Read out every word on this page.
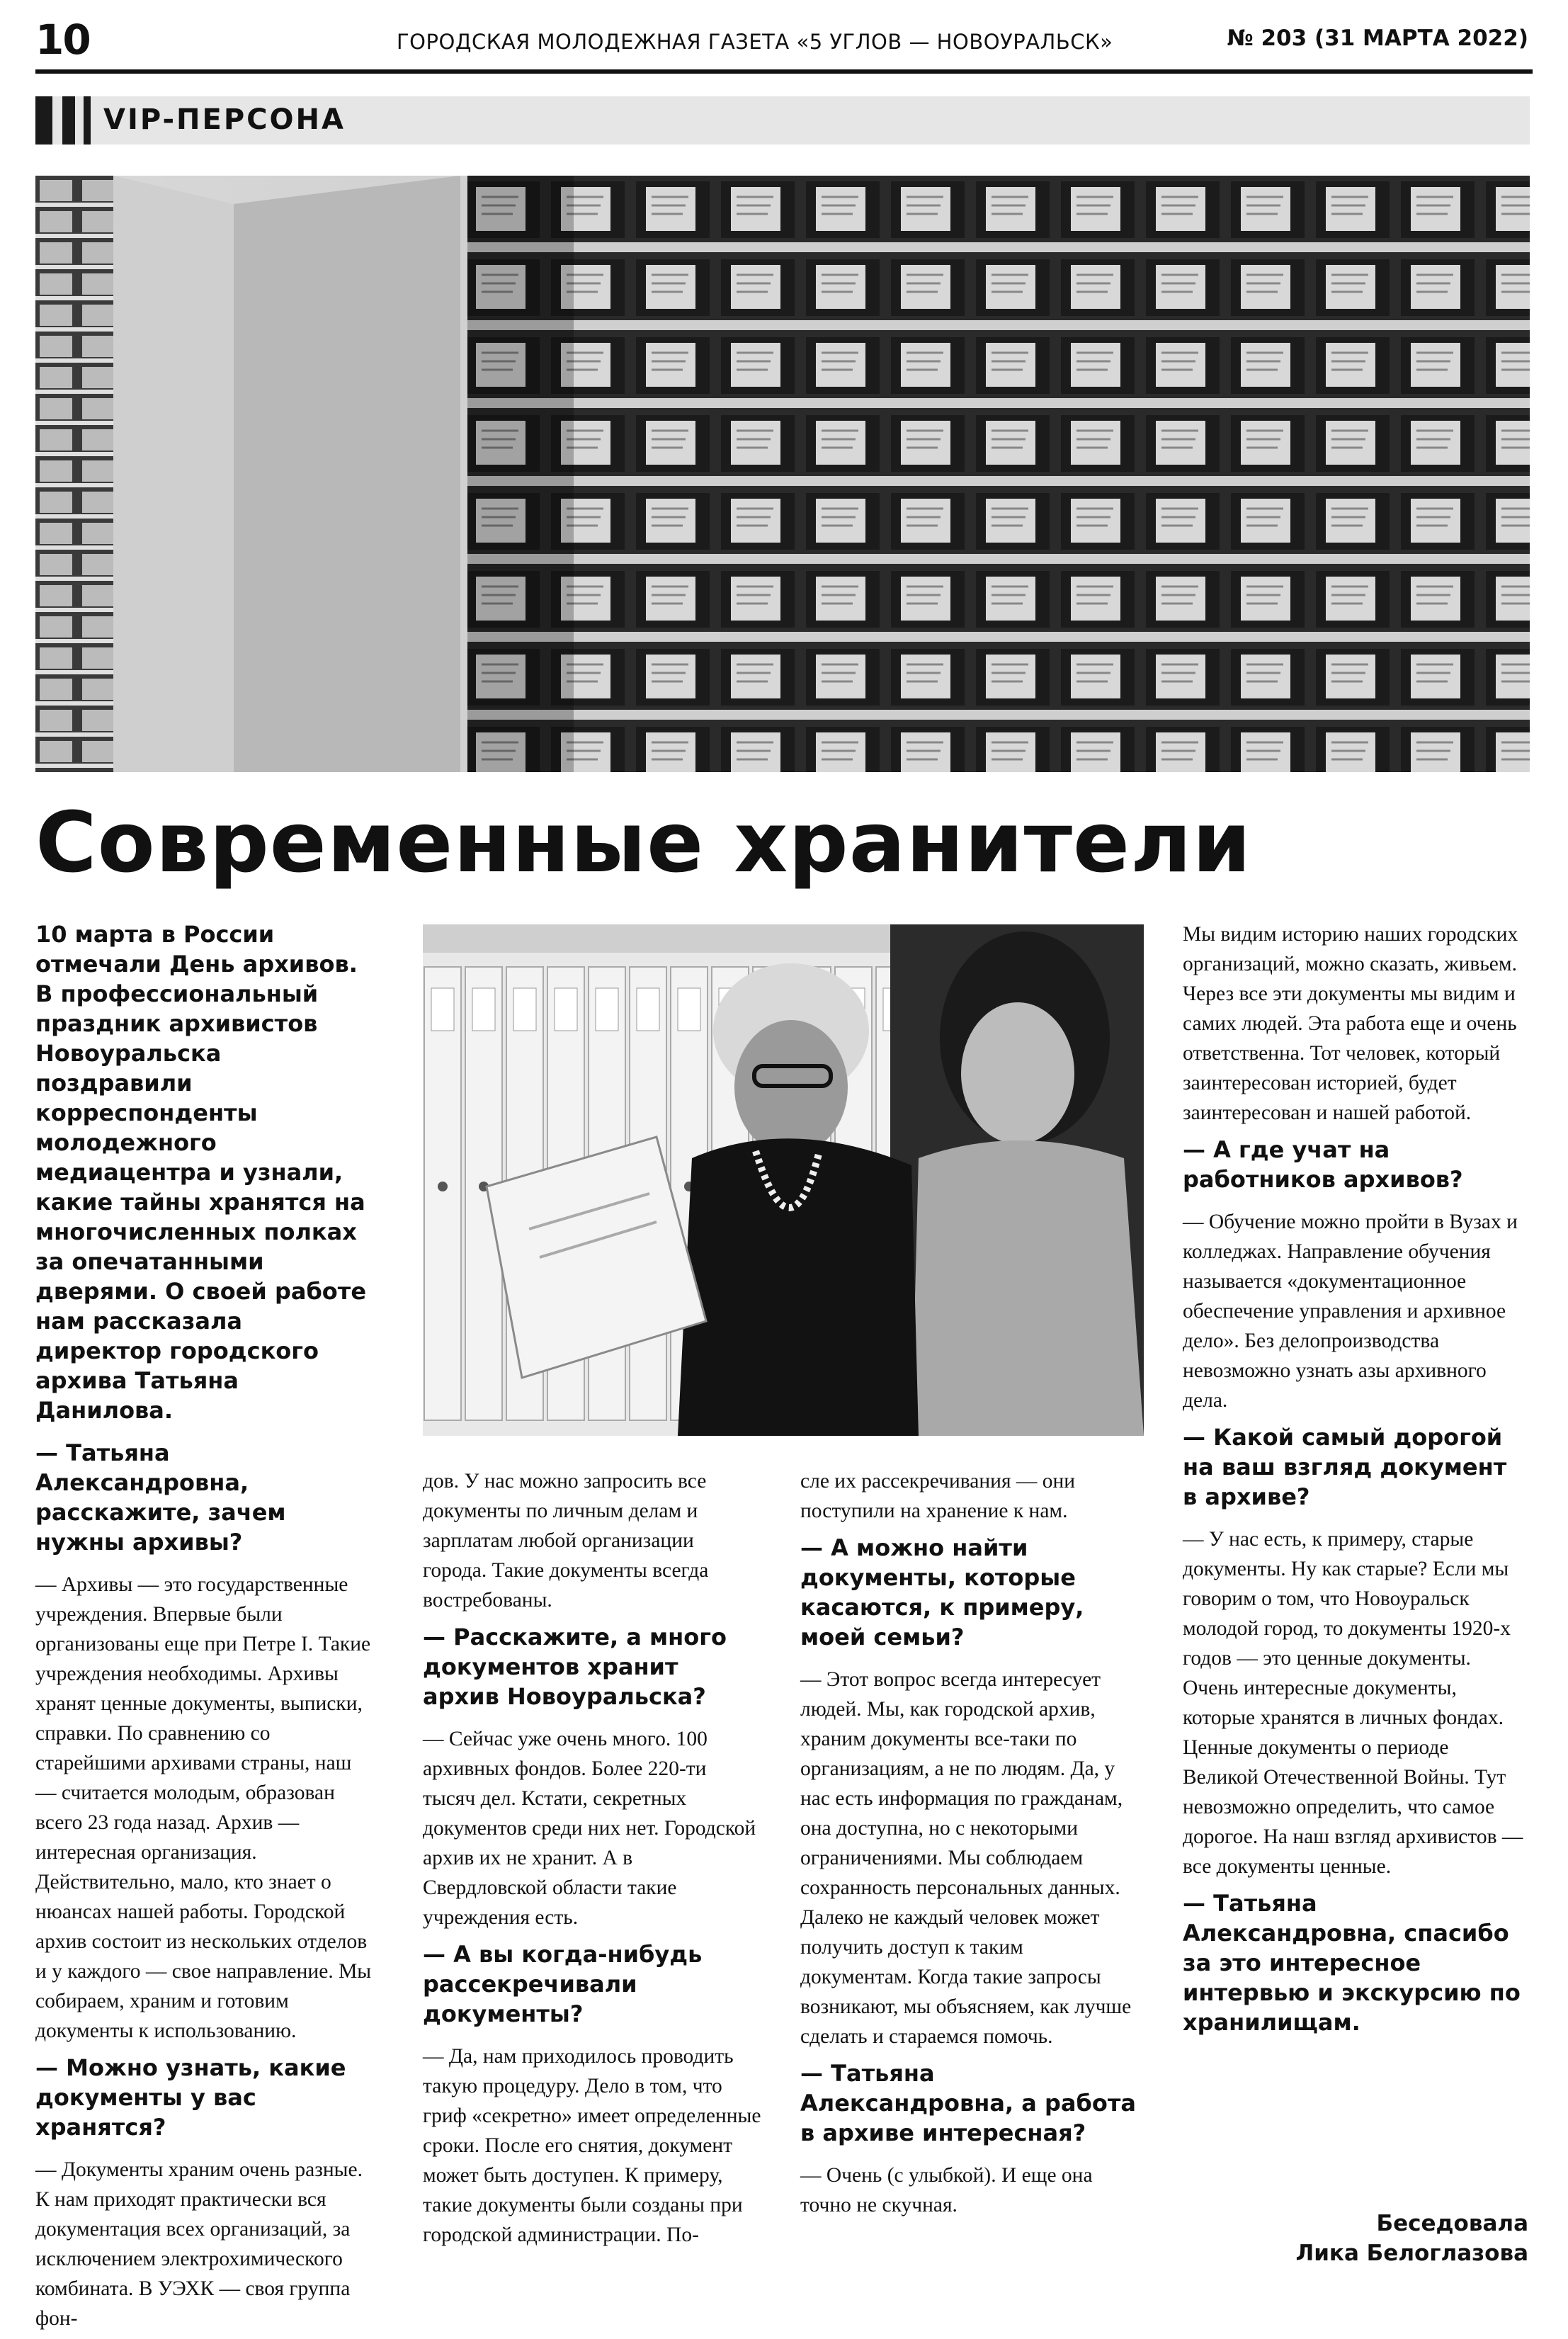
10	ГОРОДСКАЯ МОЛОДЕЖНАЯ ГАЗЕТА «5 УГЛОВ — НОВОУРАЛЬСК»	№ 203 (31 МАРТА 2022)
VIP-ПЕРСОНА
Современные хранители

10 марта в России отмечали День архивов. В профессиональный праздник архивистов Новоуральска поздравили корреспонденты молодежного медиацентра и узнали, какие тайны хранятся на многочисленных полках за опечатанными дверями. О своей работе нам рассказала директор городского архива Татьяна Данилова.

— Татьяна Александровна, расскажите, зачем нужны архивы?

— Архивы — это государственные учреждения. Впервые были организованы еще при Петре I. Такие учреждения необходимы. Архивы хранят ценные документы, выписки, справки. По сравнению со старейшими архивами страны, наш — считается молодым, образован всего 23 года назад. Архив — интересная организация. Действительно, мало, кто знает о нюансах нашей работы. Городской архив состоит из нескольких отделов и у каждого — свое направление. Мы собираем, храним и готовим документы к использованию.

— Можно узнать, какие документы у вас хранятся?

— Документы храним очень разные. К нам приходят практически вся документация всех организаций, за исключением электрохимического комбината. В УЭХК — своя группа фон-

дов. У нас можно запросить все документы по личным делам и зарплатам любой организации города. Такие документы всегда востребованы.

— Расскажите, а много документов хранит архив Новоуральска?

— Сейчас уже очень много. 100 архивных фондов. Более 220-ти тысяч дел. Кстати, секретных документов среди них нет. Городской архив их не хранит. А в Свердловской области такие учреждения есть.

— А вы когда-нибудь рассекречивали документы?

— Да, нам приходилось проводить такую процедуру. Дело в том, что гриф «секретно» имеет определенные сроки. После его снятия, документ может быть доступен. К примеру, такие документы были созданы при городской администрации. По-

сле их рассекречивания — они поступили на хранение к нам.

— А можно найти документы, которые касаются, к примеру, моей семьи?

— Этот вопрос всегда интересует людей. Мы, как городской архив, храним документы все-таки по организациям, а не по людям. Да, у нас есть информация по гражданам, она доступна, но с некоторыми ограничениями. Мы соблюдаем сохранность персональных данных. Далеко не каждый человек может получить доступ к таким документам. Когда такие запросы возникают, мы объясняем, как лучше сделать и стараемся помочь.

— Татьяна Александровна, а работа в архиве интересная?

— Очень (с улыбкой). И еще она точно не скучная.

Мы видим историю наших городских организаций, можно сказать, живьем. Через все эти документы мы видим и самих людей. Эта работа еще и очень ответственна. Тот человек, который заинтересован историей, будет заинтересован и нашей работой.

— А где учат на работников архивов?

— Обучение можно пройти в Вузах и колледжах. Направление обучения называется «документационное обеспечение управления и архивное дело». Без делопроизводства невозможно узнать азы архивного дела.

— Какой самый дорогой на ваш взгляд документ в архиве?

— У нас есть, к примеру, старые документы. Ну как старые? Если мы говорим о том, что Новоуральск молодой город, то документы 1920-х годов — это ценные документы. Очень интересные документы, которые хранятся в личных фондах. Ценные документы о периоде Великой Отечественной Войны. Тут невозможно определить, что самое дорогое. На наш взгляд архивистов — все документы ценные.

— Татьяна Александровна, спасибо за это интересное интервью и экскурсию по хранилищам.

Беседовала
Лика Белоглазова
